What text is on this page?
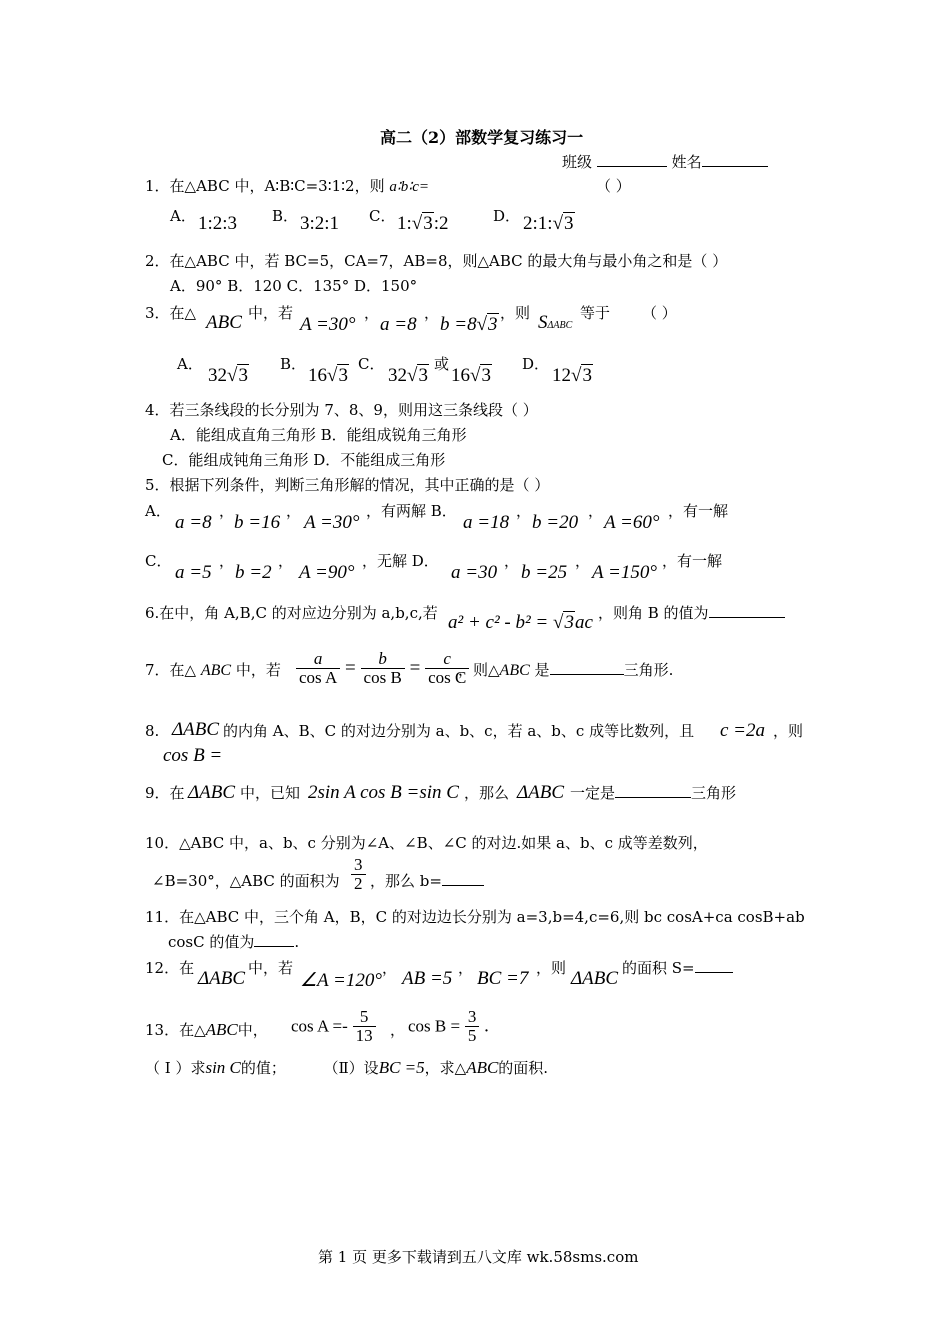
高二（2）部数学复习练习一
班级	姓名
1．在△ABC 中，A∶B∶C=3∶1∶2，则 a∶b∶c=	（ ）
A． 1:2:3 B． 3:2:1 C． 1:√3:2	D． 2:1:√3
2．在△ABC 中，若 BC=5，CA=7，AB=8，则△ABC 的最大角与最小角之和是（ ）
A．90° B．120 C．135° D．150°
3．在△ ABC 中，若
A =30°
，
a =8
，
b =8√3
，则 SΔABC
等于 （ ）
A．
32√3
B．
16√3
C．
32√3
或
16√3
D．
12√3
4．若三条线段的长分别为 7、8、9，则用这三条线段（ ）
A．能组成直角三角形 B．能组成锐角三角形
C．能组成钝角三角形 D．不能组成三角形
5．根据下列条件，判断三角形解的情况，其中正确的是（ ）
A．
a =8
，
b =16
，
A =30°
，有两解 B．
a =18
，
b =20
，
A =60°
，有一解
C．
a =5
，
b =2
，
A =90°
，无解 D．
a =30
，
b =25
，
A =150°
，有一解
6.在中，角 A,B,C 的对应边分别为 a,b,c,若 a² + c² - b² = √3ac ，则角 B 的值为
7．在△ ABC 中，若 $\frac{a}{\text{cos A}} = \frac{b}{\text{cos B}} = \frac{c}{\text{cos C}}$
，则△ABC 是	三角形.
8. ΔABC 的内角 A、B、C 的对边分别为 a、b、c，若 a、b、c 成等比数列，且 c =2a ，则
cos B =
9．在 ΔABC 中，已知 2sin A cos B =sin C ，那么 ΔABC 一定是	三角形
10．△ABC 中，a、b、c 分别为∠A、∠B、∠C 的对边.如果 a、b、c 成等差数列，
∠B=30°，△ABC 的面积为 $\frac{3}{2}$ ，那么 b=
11．在△ABC 中，三个角 A，B，C 的对边边长分别为 a=3,b=4,c=6,则 bc cosA+ca cosB+ab
cosC 的值为	.
12．在 ΔABC 中，若
∠A =120°
， AB =5 ， BC =7 ，则 ΔABC 的面积 S=
13．在△ABC中， $\cos A =- \frac{5}{13}$ ， $\cos B = \frac{3}{5}$ .
（ Ⅰ ）求sin C的值；	（Ⅱ）设BC =5，求△ABC的面积.
第 1 页 更多下载请到五八文库 wk.58sms.com
